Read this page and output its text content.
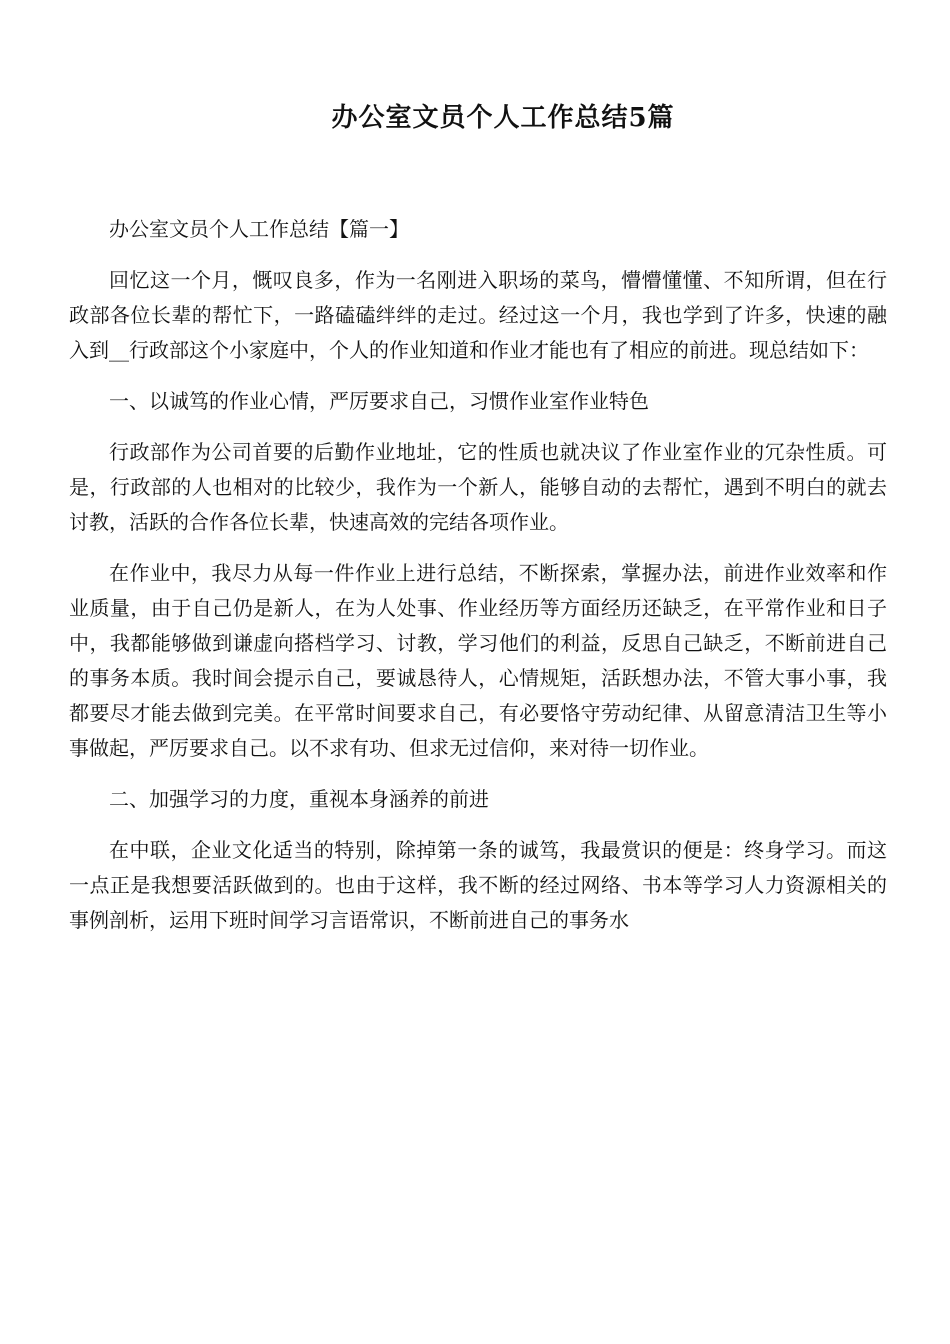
办公室文员个人工作总结5篇

办公室文员个人工作总结【篇一】

回忆这一个月，慨叹良多，作为一名刚进入职场的菜鸟，懵懵懂懂、不知所谓，但在行政部各位长辈的帮忙下，一路磕磕绊绊的走过。经过这一个月，我也学到了许多，快速的融入到__行政部这个小家庭中，个人的作业知道和作业才能也有了相应的前进。现总结如下：

一、以诚笃的作业心情，严厉要求自己，习惯作业室作业特色

行政部作为公司首要的后勤作业地址，它的性质也就决议了作业室作业的冗杂性质。可是，行政部的人也相对的比较少，我作为一个新人，能够自动的去帮忙，遇到不明白的就去讨教，活跃的合作各位长辈，快速高效的完结各项作业。

在作业中，我尽力从每一件作业上进行总结，不断探索，掌握办法，前进作业效率和作业质量，由于自己仍是新人，在为人处事、作业经历等方面经历还缺乏，在平常作业和日子中，我都能够做到谦虚向搭档学习、讨教，学习他们的利益，反思自己缺乏，不断前进自己的事务本质。我时间会提示自己，要诚恳待人，心情规矩，活跃想办法，不管大事小事，我都要尽才能去做到完美。在平常时间要求自己，有必要恪守劳动纪律、从留意清洁卫生等小事做起，严厉要求自己。以不求有功、但求无过信仰，来对待一切作业。

二、加强学习的力度，重视本身涵养的前进

在中联，企业文化适当的特别，除掉第一条的诚笃，我最赏识的便是：终身学习。而这一点正是我想要活跃做到的。也由于这样，我不断的经过网络、书本等学习人力资源相关的事例剖析，运用下班时间学习言语常识，不断前进自己的事务水
